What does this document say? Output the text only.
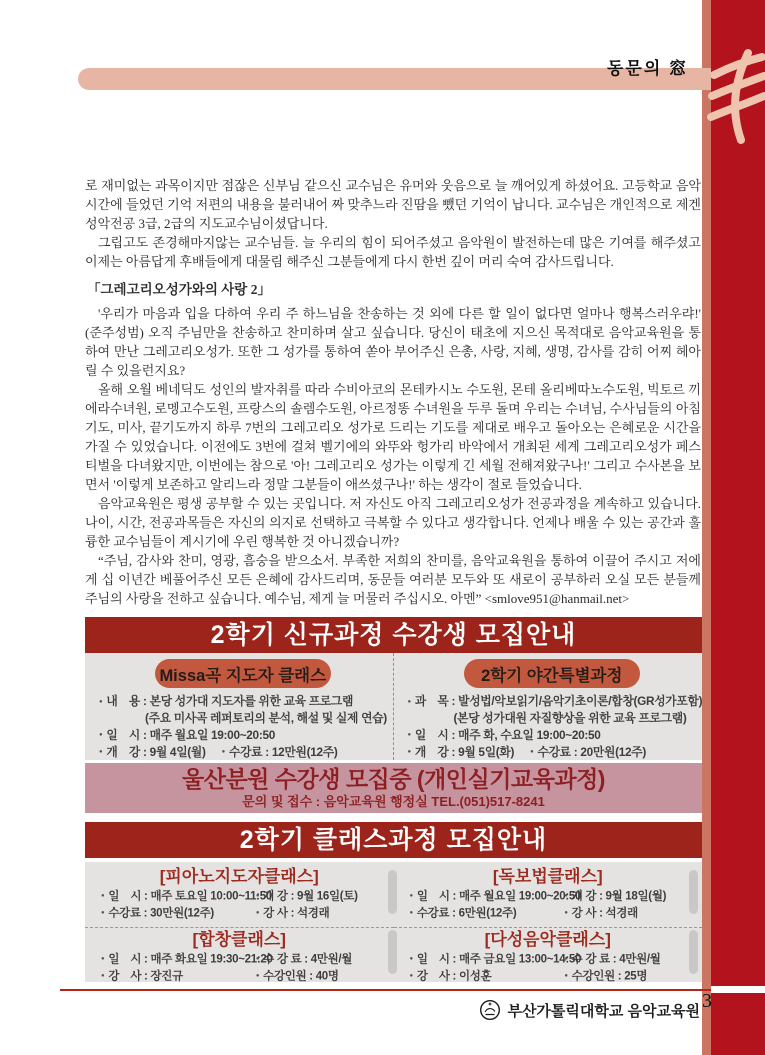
동문의 窓

로 재미없는 과목이지만 점잖은 신부님 같으신 교수님은 유머와 웃음으로 늘 깨어있게 하셨어요. 고등학교 음악시간에 들었던 기억 저편의 내용을 불러내어 짜 맞추느라 진땀을 뺐던 기억이 납니다. 교수님은 개인적으로 제겐 성악전공 3급, 2급의 지도교수님이셨답니다.

그립고도 존경해마지않는 교수님들. 늘 우리의 힘이 되어주셨고 음악원이 발전하는데 많은 기여를 해주셨고 이제는 아름답게 후배들에게 대물림 해주신 그분들에게 다시 한번 깊이 머리 숙여 감사드립니다.

「그레고리오성가와의 사랑 2」

'우리가 마음과 입을 다하여 우리 주 하느님을 찬송하는 것 외에 다른 할 일이 없다면 얼마나 행복스러우랴!' (준주성범) 오직 주님만을 찬송하고 찬미하며 살고 싶습니다. 당신이 태초에 지으신 목적대로 음악교육원을 통하여 만난 그레고리오성가. 또한 그 성가를 통하여 쏟아 부어주신 은총, 사랑, 지혜, 생명, 감사를 감히 어찌 헤아릴 수 있을런지요?

올해 오월 베네딕도 성인의 발자취를 따라 수비아코의 몬테카시노 수도원, 몬테 올리베따노수도원, 빅토르 끼에라수녀원, 로멩고수도원, 프랑스의 솔렘수도원, 아르정똥 수녀원을 두루 돌며 우리는 수녀님, 수사님들의 아침기도, 미사, 끝기도까지 하루 7번의 그레고리오 성가로 드리는 기도를 제대로 배우고 돌아오는 은혜로운 시간을 가질 수 있었습니다. 이전에도 3번에 걸쳐 벨기에의 와뚜와 헝가리 바악에서 개최된 세계 그레고리오성가 페스티벌을 다녀왔지만, 이번에는 참으로 '아! 그레고리오 성가는 이렇게 긴 세월 전해져왔구나!' 그리고 수사본을 보면서 '이렇게 보존하고 알리느라 정말 그분들이 애쓰셨구나!' 하는 생각이 절로 들었습니다.

음악교육원은 평생 공부할 수 있는 곳입니다. 저 자신도 아직 그레고리오성가 전공과정을 계속하고 있습니다. 나이, 시간, 전공과목들은 자신의 의지로 선택하고 극복할 수 있다고 생각합니다. 언제나 배울 수 있는 공간과 훌륭한 교수님들이 계시기에 우린 행복한 것 아니겠습니까?

“주님, 감사와 찬미, 영광, 흠숭을 받으소서. 부족한 저희의 찬미를, 음악교육원을 통하여 이끌어 주시고 저에게 십 이년간 베풀어주신 모든 은혜에 감사드리며, 동문들 여러분 모두와 또 새로이 공부하러 오실 모든 분들께 주님의 사랑을 전하고 싶습니다. 예수님, 제게 늘 머물러 주십시오. 아멘” <smlove951@hanmail.net>

2학기 신규과정 수강생 모집안내
Missa곡 지도자 클래스
● 내　용 : 본당 성가대 지도자를 위한 교육 프로그램
(주요 미사곡 레퍼토리의 분석, 해설 및 실제 연습)
● 일　시 : 매주 월요일 19:00~20:50
● 개　강 : 9월 4일(월)	● 수강료 : 12만원(12주)
2학기 야간특별과정
● 과　목 : 발성법/악보읽기/음악기초이론/합창(GR성가포함)
(본당 성가대원 자질향상을 위한 교육 프로그램)
● 일　시 : 매주 화, 수요일 19:00~20:50
● 개　강 : 9월 5일(화)	● 수강료 : 20만원(12주)
울산분원 수강생 모집중 (개인실기교육과정)
문의 및 접수 : 음악교육원 행정실 TEL.(051)517-8241
2학기 클래스과정 모집안내
[피아노지도자클래스]
● 일　시 : 매주 토요일 10:00~11:50
● 개 강 : 9월 16일(토)
● 수강료 : 30만원(12주)	● 강 사 : 석경래
[독보법클래스]
● 일　시 : 매주 월요일 19:00~20:50
● 개 강 : 9월 18일(월)
● 수강료 : 6만원(12주)	● 강 사 : 석경래
[합창클래스]
● 일　시 : 매주 화요일 19:30~21:20
● 수 강 료 : 4만원/월
● 강　사 : 장진규	● 수강인원 : 40명
[다성음악클래스]
● 일　시 : 매주 금요일 13:00~14:50
● 수 강 료 : 4만원/월
● 강　사 : 이성훈	● 수강인원 : 25명
부산가톨릭대학교 음악교육원 3
